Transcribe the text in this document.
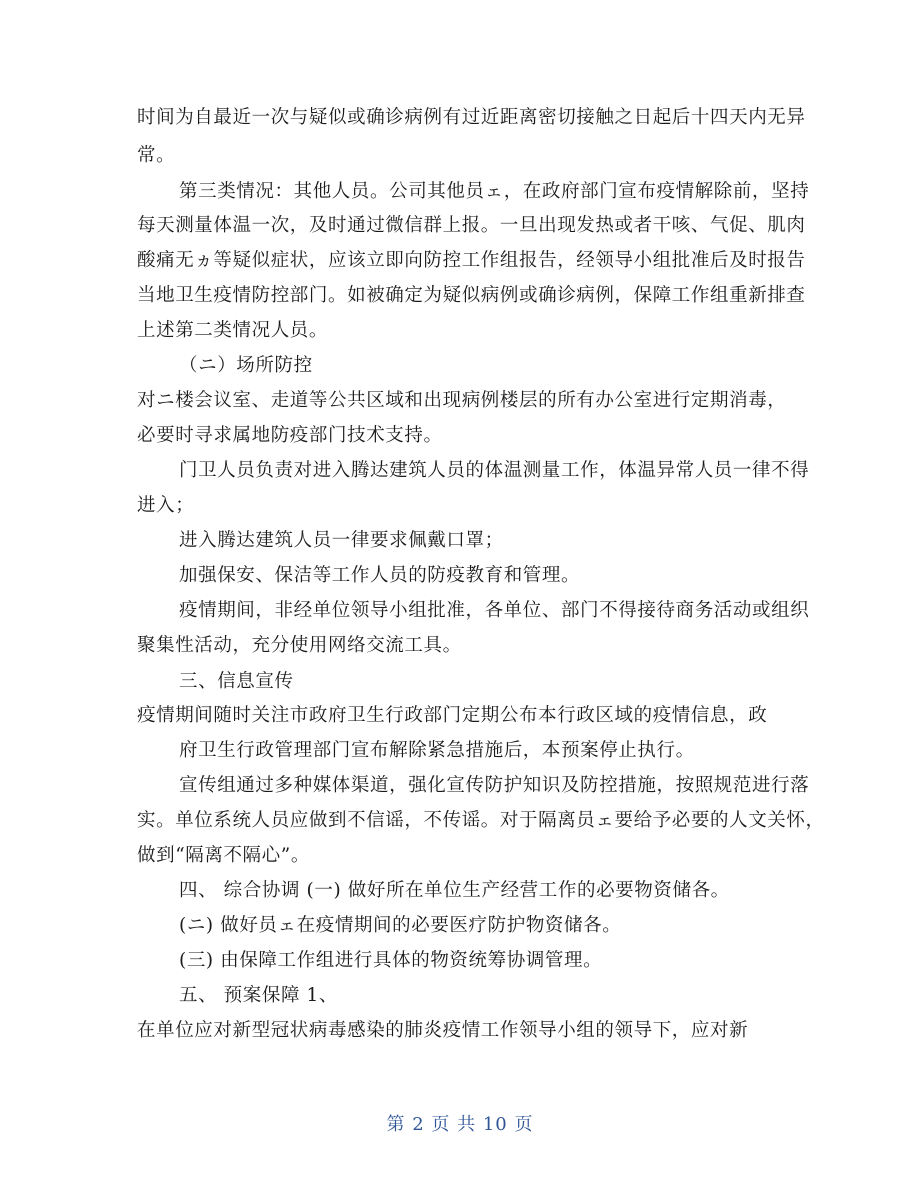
时间为自最近一次与疑似或确诊病例有过近距离密切接触之日起后十四天内无异
常。
第三类情况：其他人员。公司其他员ェ，在政府部门宣布疫情解除前，坚持
每天测量体温一次，及时通过微信群上报。一旦出现发热或者干咳、气促、肌肉
酸痛无ヵ等疑似症状，应该立即向防控工作组报告，经领导小组批准后及时报告
当地卫生疫情防控部门。如被确定为疑似病例或确诊病例，保障工作组重新排查
上述第二类情况人员。
（ニ）场所防控
对ニ楼会议室、走道等公共区域和出现病例楼层的所有办公室进行定期消毒，
必要时寻求属地防疫部门技术支持。
门卫人员负责对进入腾达建筑人员的体温测量工作，体温异常人员一律不得
进入；
进入腾达建筑人员一律要求佩戴口罩；
加强保安、保洁等工作人员的防疫教育和管理。
疫情期间，非经单位领导小组批准，各单位、部门不得接待商务活动或组织
聚集性活动，充分使用网络交流工具。
三、信息宣传
疫情期间随时关注市政府卫生行政部门定期公布本行政区域的疫情信息，政
府卫生行政管理部门宣布解除紧急措施后，本预案停止执行。
宣传组通过多种媒体渠道，强化宣传防护知识及防控措施，按照规范进行落
实。单位系统人员应做到不信谣，不传谣。对于隔离员ェ要给予必要的人文关怀，
做到“隔离不隔心”。
四、 综合协调 (一) 做好所在单位生产经营工作的必要物资储各。
(ニ) 做好员ェ在疫情期间的必要医疗防护物资储各。
(三) 由保障工作组进行具体的物资统筹协调管理。
五、 预案保障 1、
在单位应对新型冠状病毒感染的肺炎疫情工作领导小组的领导下，应对新
第 2 页 共 10 页
